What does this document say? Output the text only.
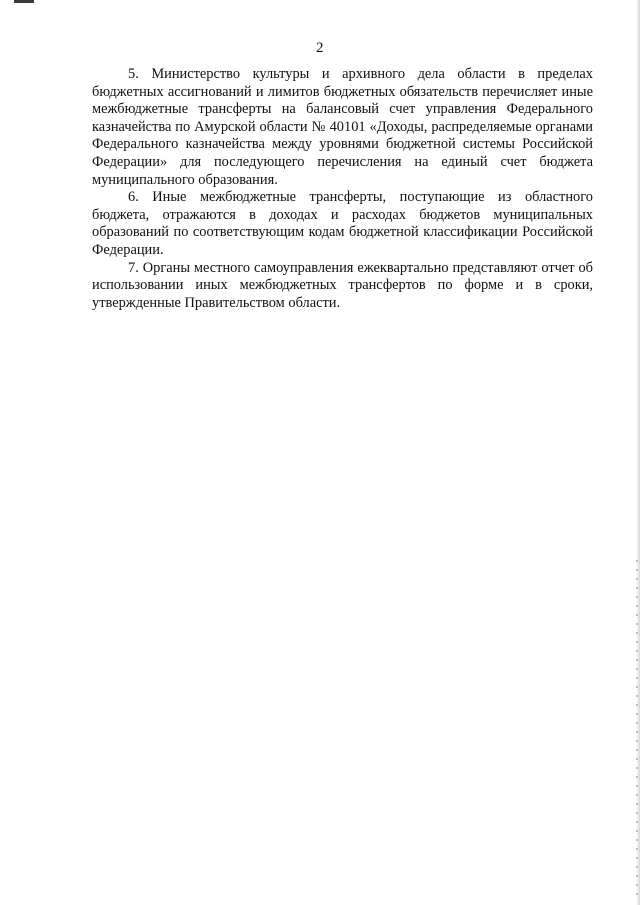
2

5. Министерство культуры и архивного дела области в пределах бюджетных ассигнований и лимитов бюджетных обязательств перечисляет иные межбюджетные трансферты на балансовый счет управления Федерального казначейства по Амурской области № 40101 «Доходы, распределяемые органами Федерального казначейства между уровнями бюджетной системы Российской Федерации» для последующего перечисления на единый счет бюджета муниципального образования.

6. Иные межбюджетные трансферты, поступающие из областного бюджета, отражаются в доходах и расходах бюджетов муниципальных образований по соответствующим кодам бюджетной классификации Российской Федерации.

7. Органы местного самоуправления ежеквартально представляют отчет об использовании иных межбюджетных трансфертов по форме и в сроки, утвержденные Правительством области.
